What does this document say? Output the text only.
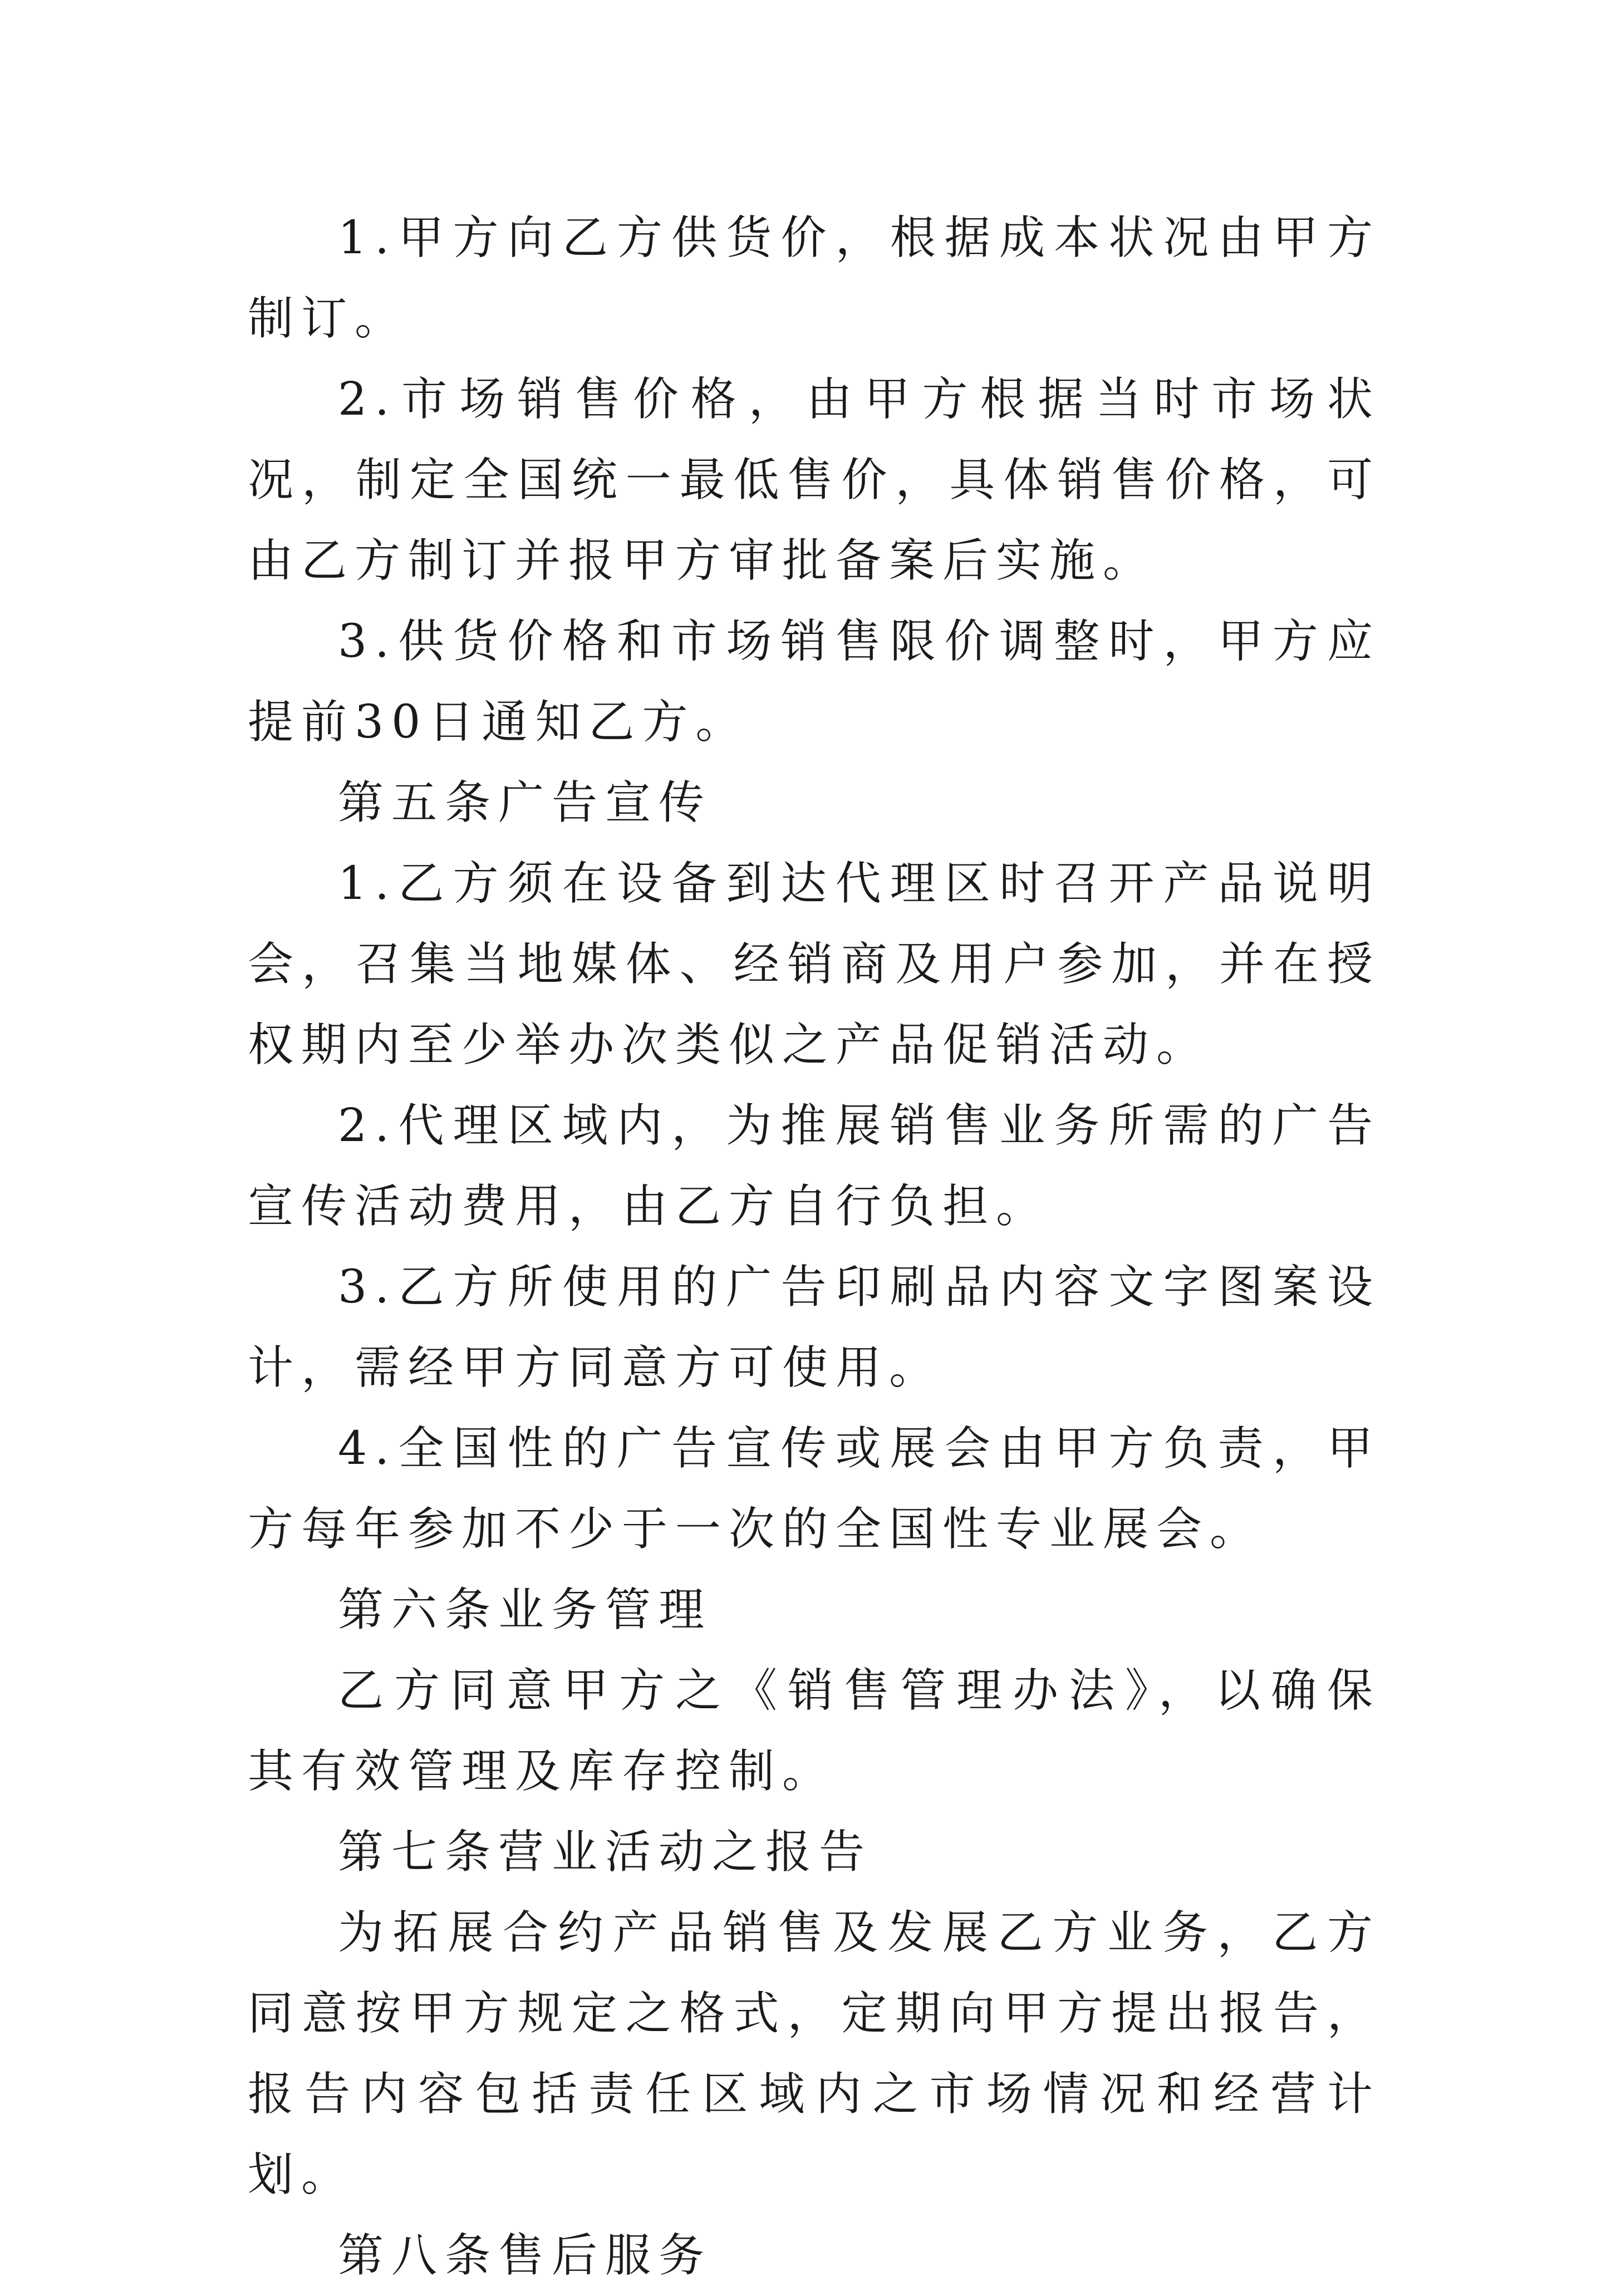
1.甲方向乙方供货价，根据成本状况由甲方制订。

2.市场销售价格，由甲方根据当时市场状况，制定全国统一最低售价，具体销售价格，可由乙方制订并报甲方审批备案后实施。

3.供货价格和市场销售限价调整时，甲方应提前30日通知乙方。

第五条广告宣传

1.乙方须在设备到达代理区时召开产品说明会，召集当地媒体、经销商及用户参加，并在授权期内至少举办次类似之产品促销活动。

2.代理区域内，为推展销售业务所需的广告宣传活动费用，由乙方自行负担。

3.乙方所使用的广告印刷品内容文字图案设计，需经甲方同意方可使用。

4.全国性的广告宣传或展会由甲方负责，甲方每年参加不少于一次的全国性专业展会。

第六条业务管理

乙方同意甲方之《销售管理办法》，以确保其有效管理及库存控制。

第七条营业活动之报告

为拓展合约产品销售及发展乙方业务，乙方同意按甲方规定之格式，定期向甲方提出报告，报告内容包括责任区域内之市场情况和经营计划。

第八条售后服务
